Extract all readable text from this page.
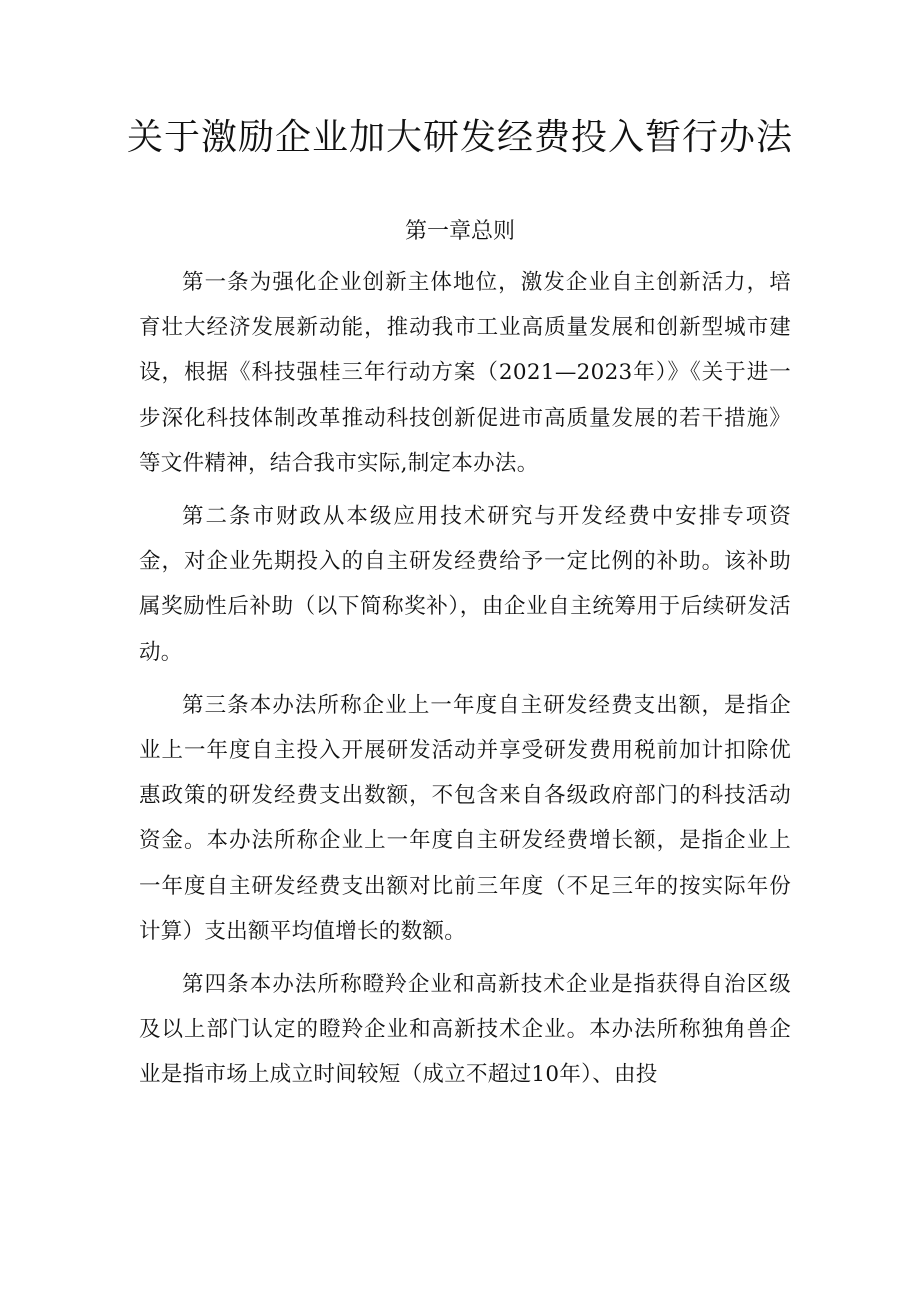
关于激励企业加大研发经费投入暂行办法
第一章总则

第一条为强化企业创新主体地位，激发企业自主创新活力，培育壮大经济发展新动能，推动我市工业高质量发展和创新型城市建设，根据《科技强桂三年行动方案（2021—2023年）》《关于进一步深化科技体制改革推动科技创新促进市高质量发展的若干措施》等文件精神，结合我市实际,制定本办法。

第二条市财政从本级应用技术研究与开发经费中安排专项资金，对企业先期投入的自主研发经费给予一定比例的补助。该补助属奖励性后补助（以下简称奖补），由企业自主统筹用于后续研发活动。

第三条本办法所称企业上一年度自主研发经费支出额，是指企业上一年度自主投入开展研发活动并享受研发费用税前加计扣除优惠政策的研发经费支出数额，不包含来自各级政府部门的科技活动资金。本办法所称企业上一年度自主研发经费增长额，是指企业上一年度自主研发经费支出额对比前三年度（不足三年的按实际年份计算）支出额平均值增长的数额。

第四条本办法所称瞪羚企业和高新技术企业是指获得自治区级及以上部门认定的瞪羚企业和高新技术企业。本办法所称独角兽企业是指市场上成立时间较短（成立不超过10年）、由投
